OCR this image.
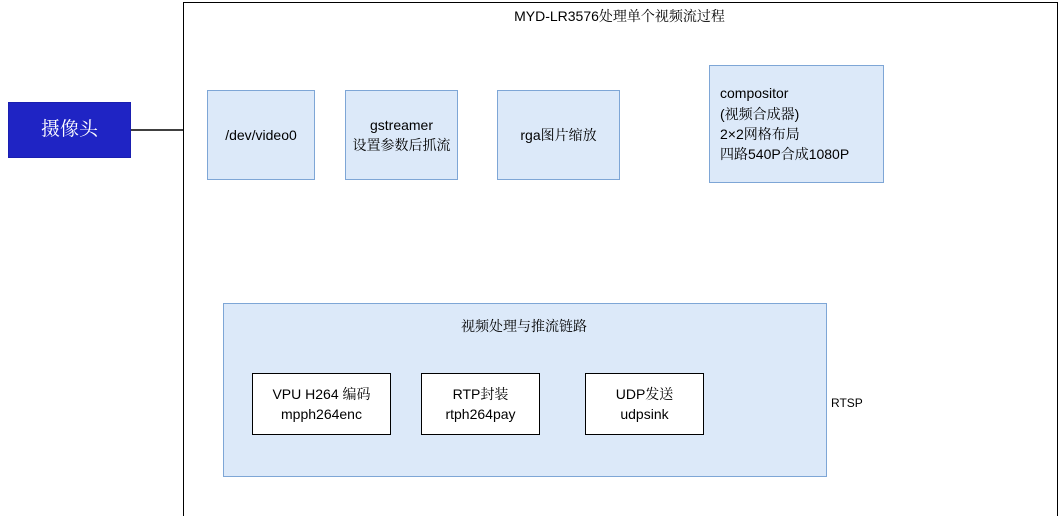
MYD-LR3576处理单个视频流过程
摄像头	/dev/video0
gstreamer
设置参数后抓流
rga图片缩放
compositor
(视频合成器)
2×2网格布局
四路540P合成1080P
视频处理与推流链路
VPU H264 编码
mpph264enc
RTP封装
rtph264pay
UDP发送
udpsink
RTSP
